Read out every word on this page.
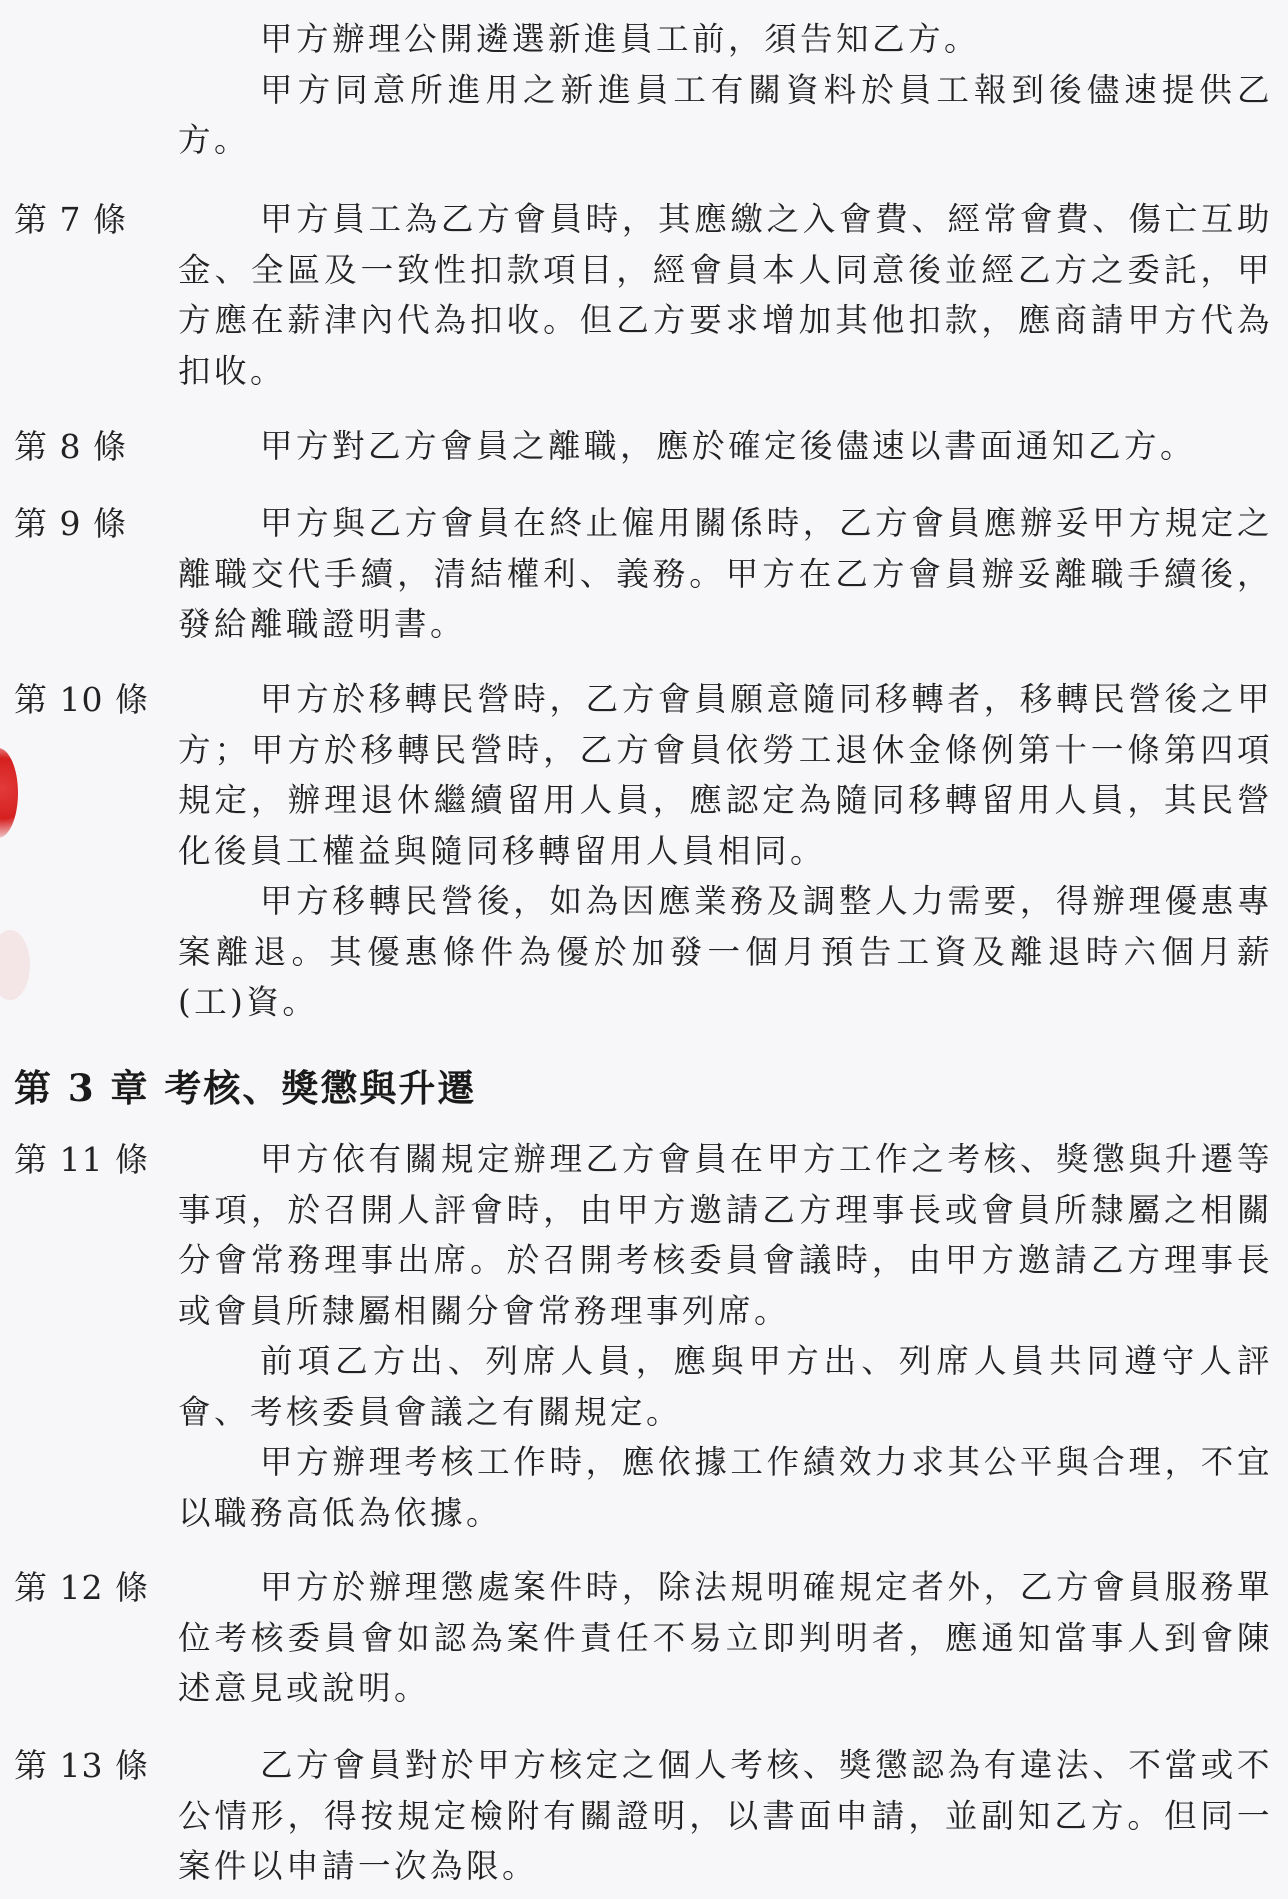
甲方辦理公開遴選新進員工前，須告知乙方。

甲方同意所進用之新進員工有關資料於員工報到後儘速提供乙方。

第 7 條	甲方員工為乙方會員時，其應繳之入會費、經常會費、傷亡互助金、全區及一致性扣款項目，經會員本人同意後並經乙方之委託，甲方應在薪津內代為扣收。但乙方要求增加其他扣款，應商請甲方代為扣收。

第 8 條	甲方對乙方會員之離職，應於確定後儘速以書面通知乙方。

第 9 條	甲方與乙方會員在終止僱用關係時，乙方會員應辦妥甲方規定之離職交代手續，清結權利、義務。甲方在乙方會員辦妥離職手續後，發給離職證明書。

第 10 條	甲方於移轉民營時，乙方會員願意隨同移轉者，移轉民營後之甲方；甲方於移轉民營時，乙方會員依勞工退休金條例第十一條第四項規定，辦理退休繼續留用人員，應認定為隨同移轉留用人員，其民營化後員工權益與隨同移轉留用人員相同。

甲方移轉民營後，如為因應業務及調整人力需要，得辦理優惠專案離退。其優惠條件為優於加發一個月預告工資及離退時六個月薪(工)資。

第 3 章 考核、獎懲與升遷
第 11 條	甲方依有關規定辦理乙方會員在甲方工作之考核、獎懲與升遷等事項，於召開人評會時，由甲方邀請乙方理事長或會員所隸屬之相關分會常務理事出席。於召開考核委員會議時，由甲方邀請乙方理事長或會員所隸屬相關分會常務理事列席。

前項乙方出、列席人員，應與甲方出、列席人員共同遵守人評會、考核委員會議之有關規定。

甲方辦理考核工作時，應依據工作績效力求其公平與合理，不宜以職務高低為依據。

第 12 條	甲方於辦理懲處案件時，除法規明確規定者外，乙方會員服務單位考核委員會如認為案件責任不易立即判明者，應通知當事人到會陳述意見或說明。

第 13 條	乙方會員對於甲方核定之個人考核、獎懲認為有違法、不當或不公情形，得按規定檢附有關證明，以書面申請，並副知乙方。但同一案件以申請一次為限。
